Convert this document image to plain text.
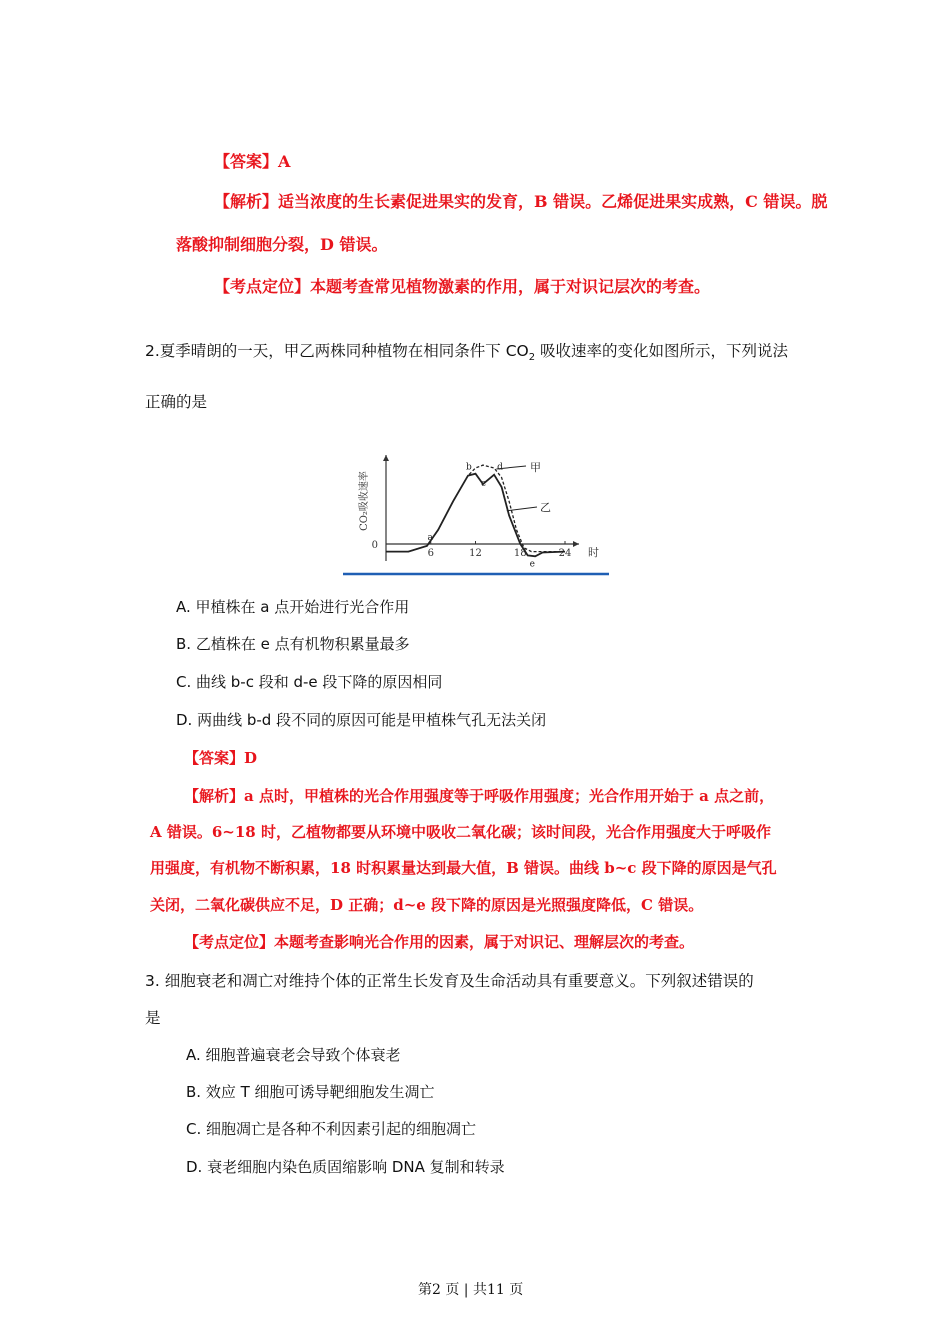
【答案】A
【解析】适当浓度的生长素促进果实的发育，B 错误。乙烯促进果实成熟，C 错误。脱
落酸抑制细胞分裂，D 错误。
【考点定位】本题考查常见植物激素的作用，属于对识记层次的考查。
2.夏季晴朗的一天，甲乙两株同种植物在相同条件下 $CO_2$ 吸收速率的变化如图所示，下列说法
正确的是
CO₂吸收速率
0
6	12	18	24 时
甲
乙
a
b
c
d
e
A. 甲植株在 a 点开始进行光合作用
B. 乙植株在 e 点有机物积累量最多
C. 曲线 b-c 段和 d-e 段下降的原因相同
D. 两曲线 b-d 段不同的原因可能是甲植株气孔无法关闭
【答案】D
【解析】a 点时，甲植株的光合作用强度等于呼吸作用强度；光合作用开始于 a 点之前，
A 错误。6~18 时，乙植物都要从环境中吸收二氧化碳；该时间段，光合作用强度大于呼吸作
用强度，有机物不断积累，18 时积累量达到最大值，B 错误。曲线 b~c 段下降的原因是气孔
关闭，二氧化碳供应不足，D 正确；d~e 段下降的原因是光照强度降低，C 错误。
【考点定位】本题考查影响光合作用的因素，属于对识记、理解层次的考查。
3. 细胞衰老和凋亡对维持个体的正常生长发育及生命活动具有重要意义。下列叙述错误的
是
A. 细胞普遍衰老会导致个体衰老
B. 效应 T 细胞可诱导靶细胞发生凋亡
C. 细胞凋亡是各种不利因素引起的细胞凋亡
D. 衰老细胞内染色质固缩影响 DNA 复制和转录
第2 页 | 共11 页
